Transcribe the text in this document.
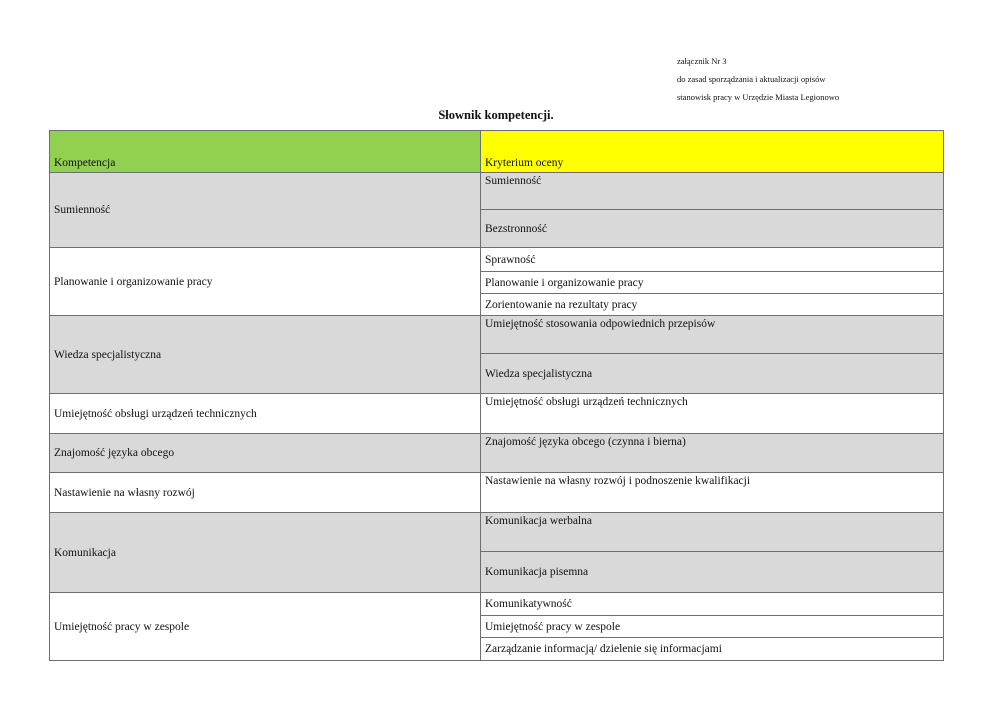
załącznik Nr 3
do zasad sporządzania i aktualizacji opisów
stanowisk pracy w Urzędzie Miasta Legionowo
Słownik kompetencji.
Kompetencja	Kryterium oceny
Sumienność	Sumienność
	Bezstronność
Planowanie i organizowanie pracy	Sprawność
	Planowanie i organizowanie pracy
	Zorientowanie na rezultaty pracy
Wiedza specjalistyczna	Umiejętność stosowania odpowiednich przepisów
	Wiedza specjalistyczna
Umiejętność obsługi urządzeń technicznych	Umiejętność obsługi urządzeń technicznych
Znajomość języka obcego	Znajomość języka obcego (czynna i bierna)
Nastawienie na własny rozwój	Nastawienie na własny rozwój i podnoszenie kwalifikacji
Komunikacja	Komunikacja werbalna
	Komunikacja pisemna
Umiejętność pracy w zespole	Komunikatywność
	Umiejętność pracy w zespole
	Zarządzanie informacją/ dzielenie się informacjami
